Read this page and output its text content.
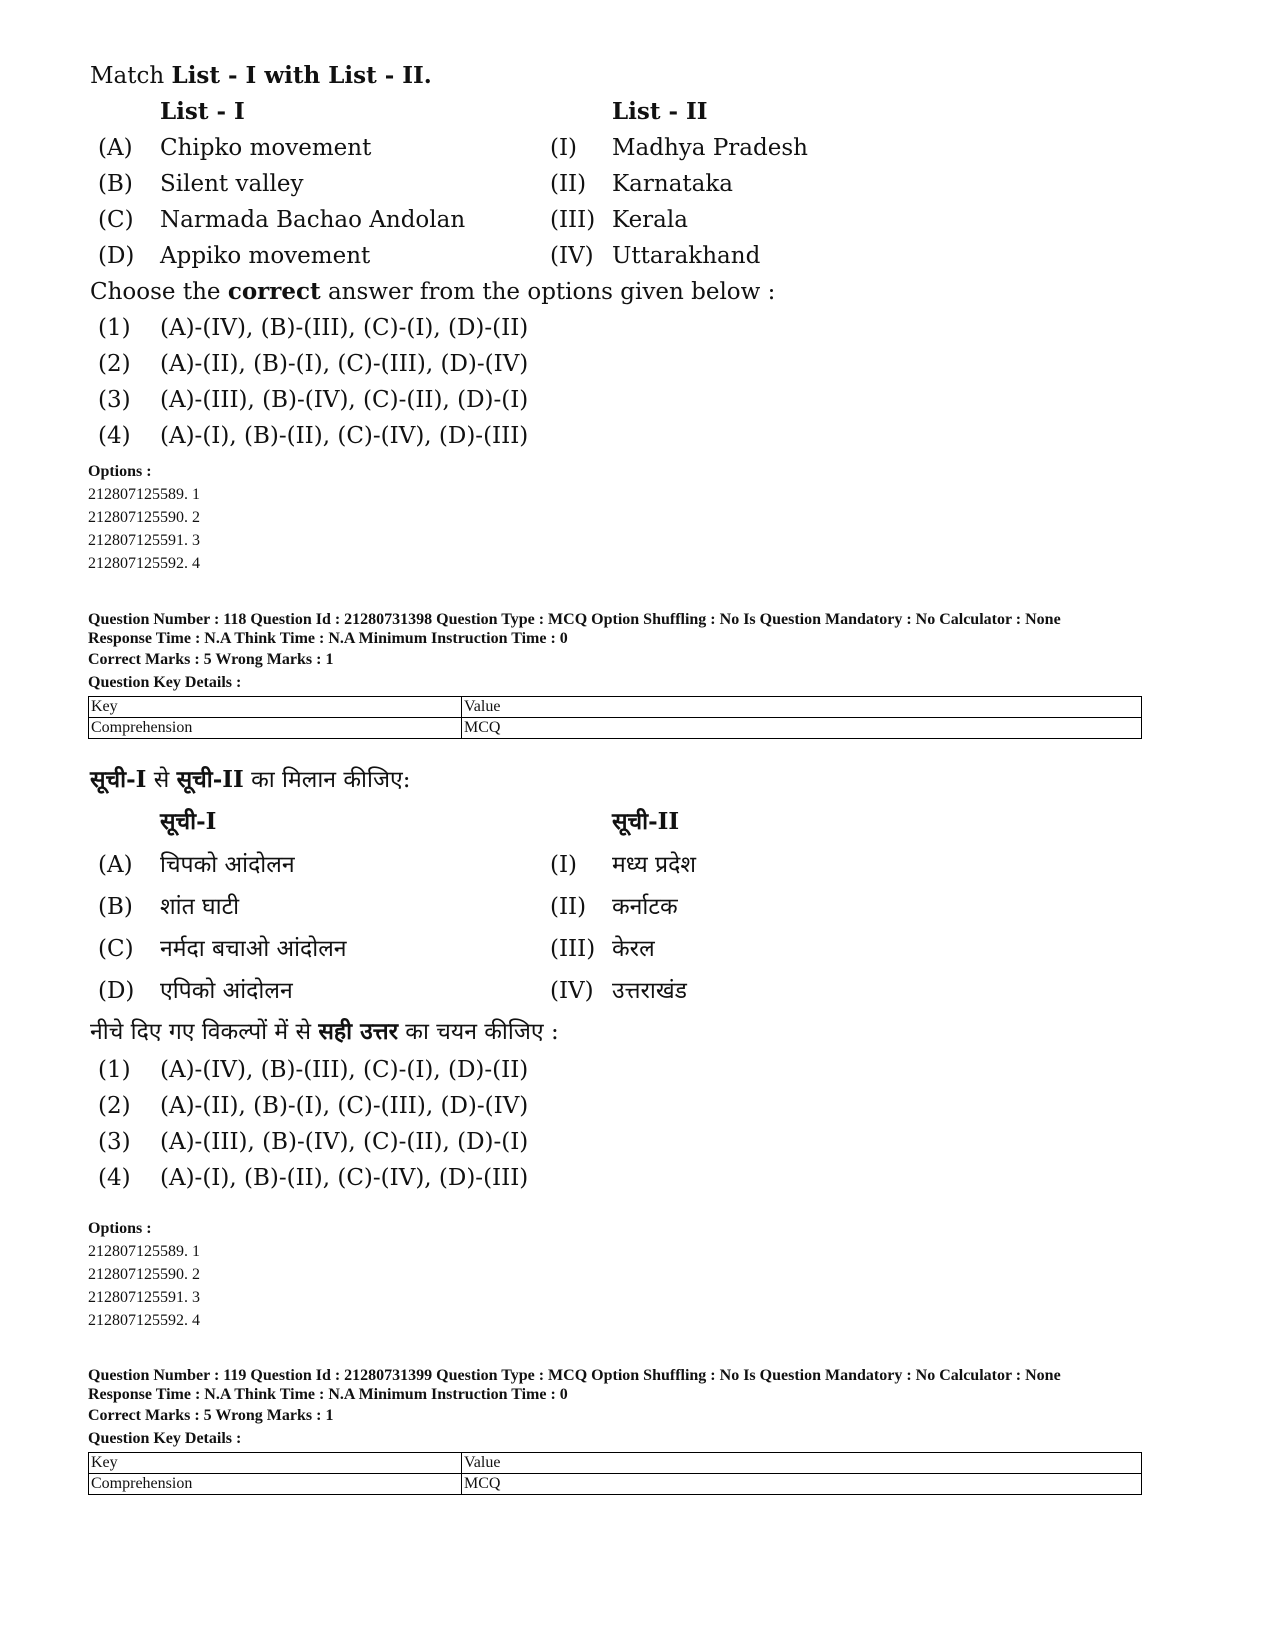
Match List - I with List - II.
List - I	List - II
(A) Chipko movement	(I) Madhya Pradesh
(B) Silent valley	(II) Karnataka
(C) Narmada Bachao Andolan	(III) Kerala
(D) Appiko movement	(IV) Uttarakhand
Choose the correct answer from the options given below :
(1) (A)-(IV), (B)-(III), (C)-(I), (D)-(II)
(2) (A)-(II), (B)-(I), (C)-(III), (D)-(IV)
(3) (A)-(III), (B)-(IV), (C)-(II), (D)-(I)
(4) (A)-(I), (B)-(II), (C)-(IV), (D)-(III)
Options :
212807125589. 1
212807125590. 2
212807125591. 3
212807125592. 4
Question Number : 118 Question Id : 21280731398 Question Type : MCQ Option Shuffling : No Is Question Mandatory : No Calculator : None
Response Time : N.A Think Time : N.A Minimum Instruction Time : 0
Correct Marks : 5 Wrong Marks : 1
Question Key Details :
Key	Value
Comprehension	MCQ
सूची-I से सूची-II का मिलान कीजिए:
सूची-I	सूची-II
(A) चिपको आंदोलन	(I) मध्य प्रदेश
(B) शांत घाटी	(II) कर्नाटक
(C) नर्मदा बचाओ आंदोलन	(III) केरल
(D) एपिको आंदोलन	(IV) उत्तराखंड
नीचे दिए गए विकल्पों में से सही उत्तर का चयन कीजिए :
(1) (A)-(IV), (B)-(III), (C)-(I), (D)-(II)
(2) (A)-(II), (B)-(I), (C)-(III), (D)-(IV)
(3) (A)-(III), (B)-(IV), (C)-(II), (D)-(I)
(4) (A)-(I), (B)-(II), (C)-(IV), (D)-(III)
Options :
212807125589. 1
212807125590. 2
212807125591. 3
212807125592. 4
Question Number : 119 Question Id : 21280731399 Question Type : MCQ Option Shuffling : No Is Question Mandatory : No Calculator : None
Response Time : N.A Think Time : N.A Minimum Instruction Time : 0
Correct Marks : 5 Wrong Marks : 1
Question Key Details :
Key	Value
Comprehension	MCQ
